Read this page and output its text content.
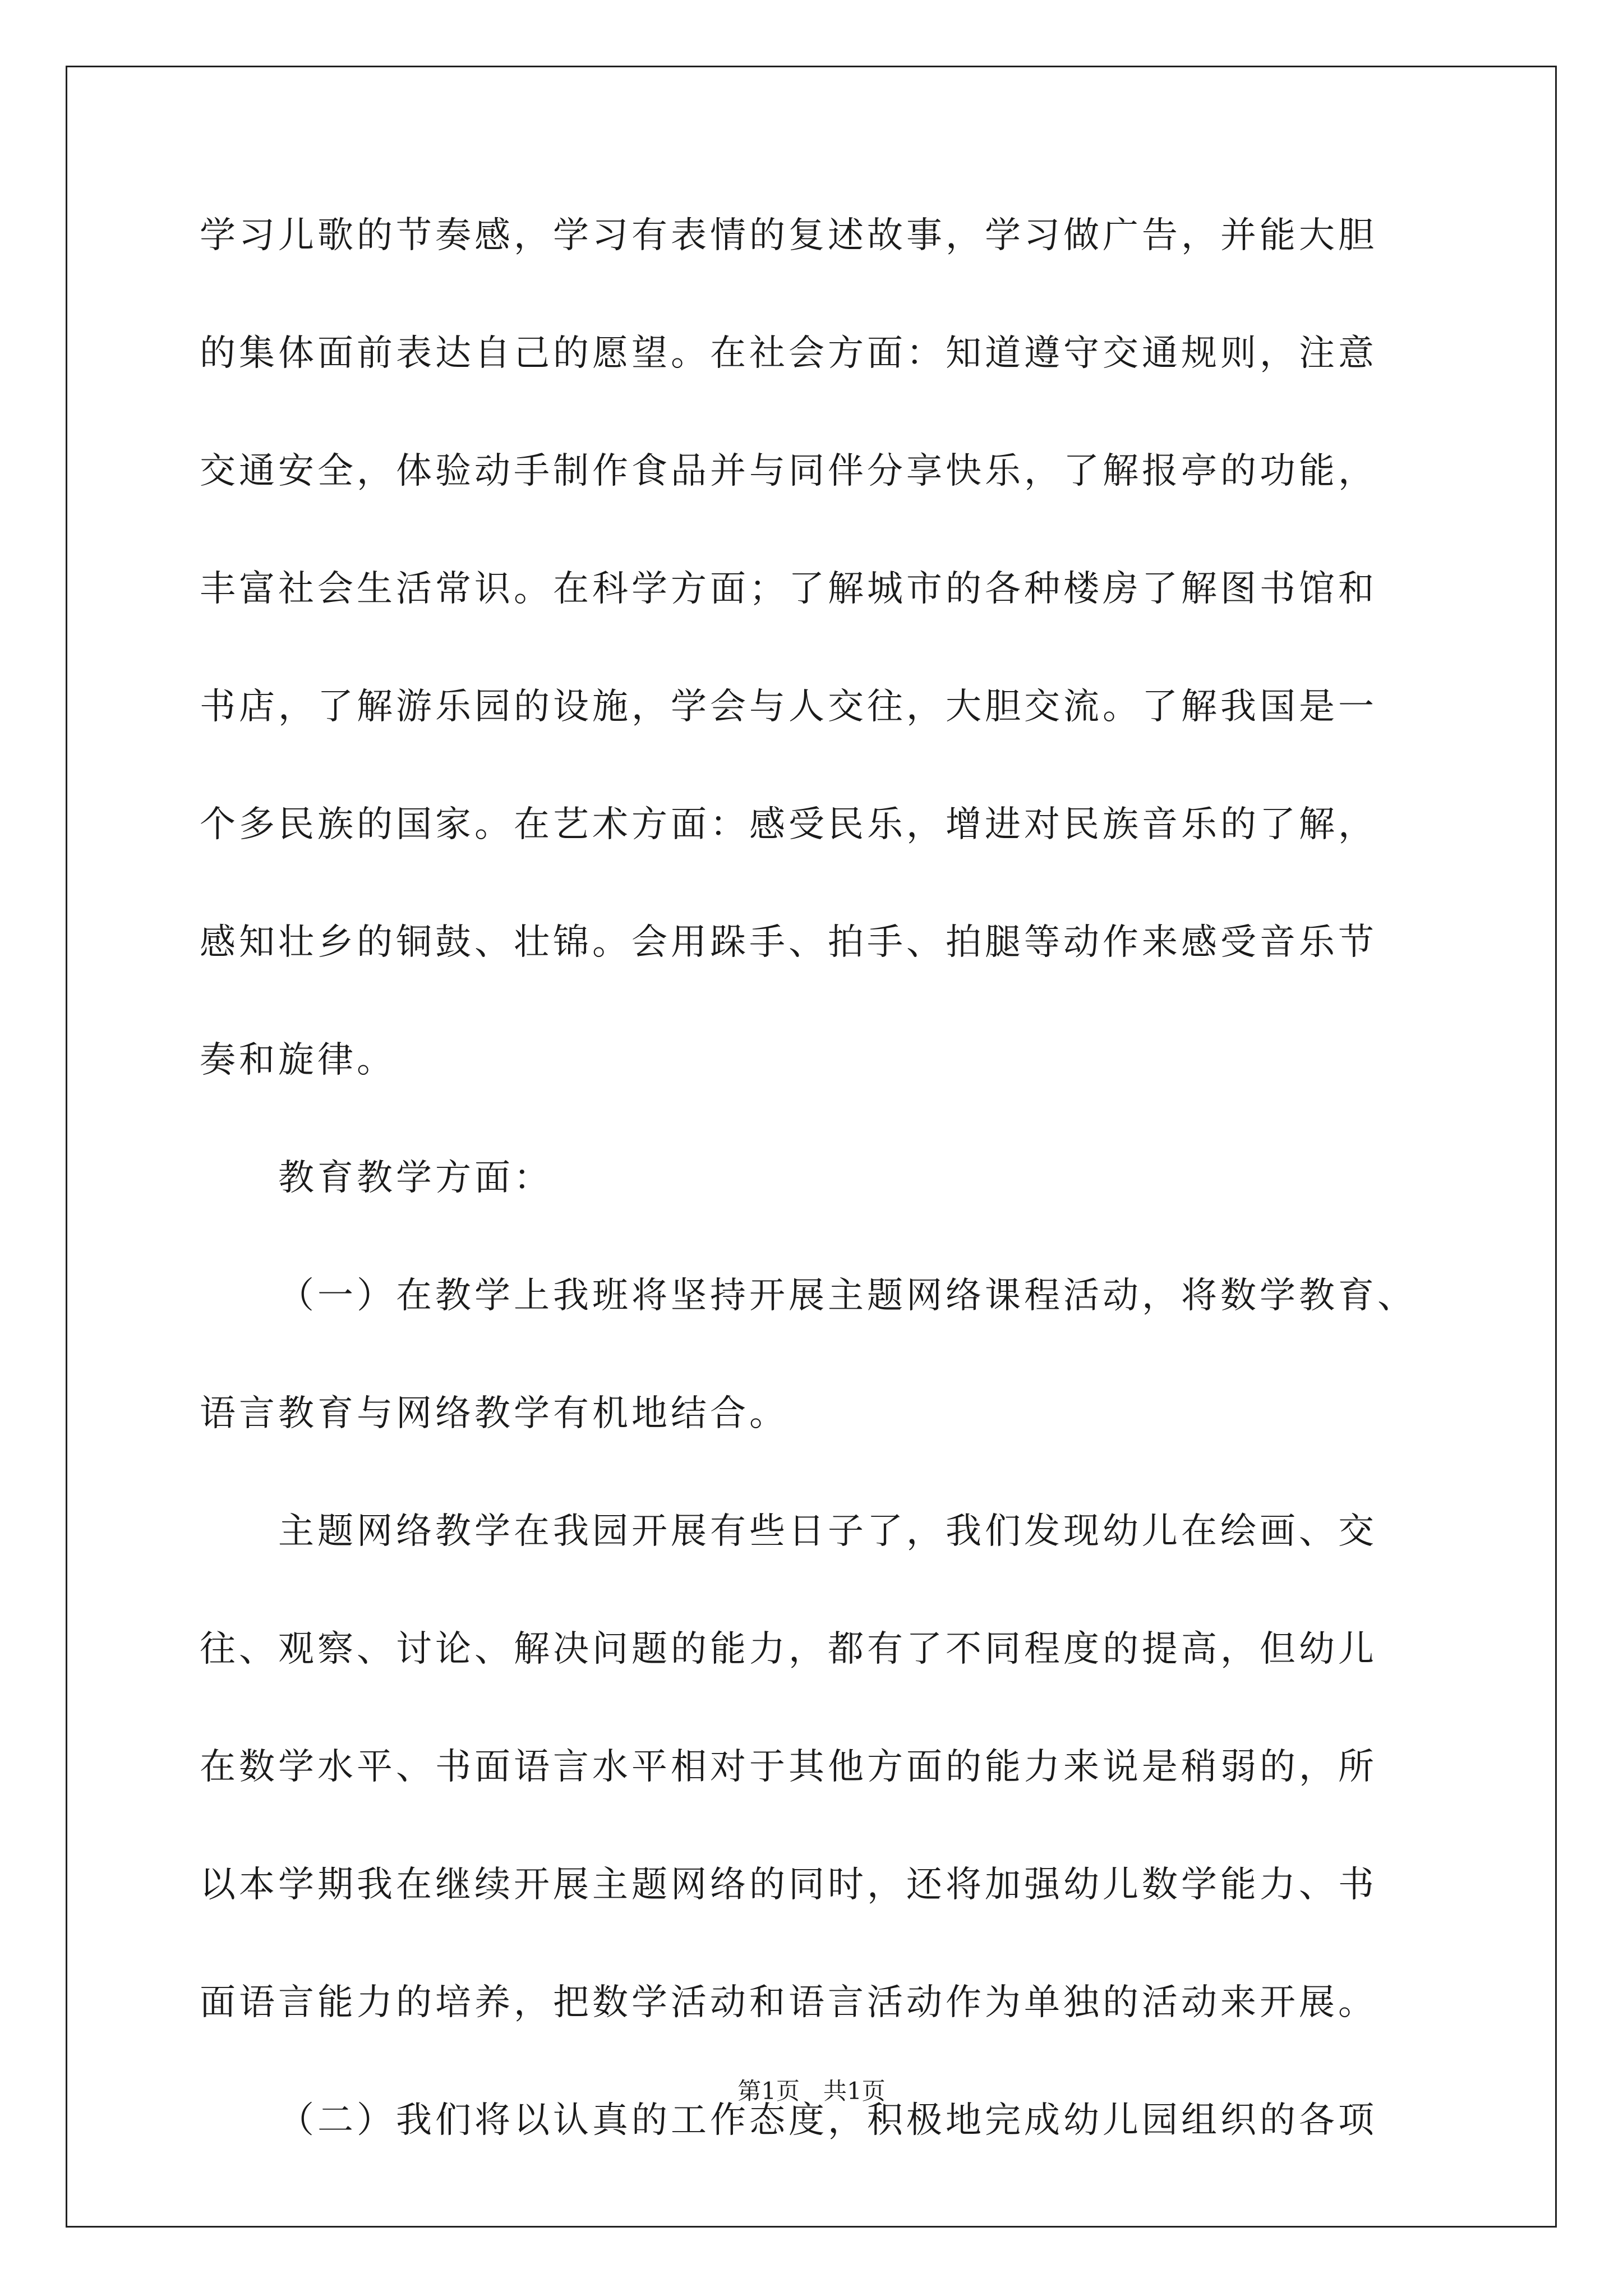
学习儿歌的节奏感，学习有表情的复述故事，学习做广告，并能大胆
的集体面前表达自己的愿望。在社会方面：知道遵守交通规则，注意
交通安全，体验动手制作食品并与同伴分享快乐，了解报亭的功能，
丰富社会生活常识。在科学方面；了解城市的各种楼房了解图书馆和
书店，了解游乐园的设施，学会与人交往，大胆交流。了解我国是一
个多民族的国家。在艺术方面：感受民乐，增进对民族音乐的了解，
感知壮乡的铜鼓、壮锦。会用跺手、拍手、拍腿等动作来感受音乐节
奏和旋律。
教育教学方面：
（一）在教学上我班将坚持开展主题网络课程活动，将数学教育、
语言教育与网络教学有机地结合。
主题网络教学在我园开展有些日子了，我们发现幼儿在绘画、交
往、观察、讨论、解决问题的能力，都有了不同程度的提高，但幼儿
在数学水平、书面语言水平相对于其他方面的能力来说是稍弱的，所
以本学期我在继续开展主题网络的同时，还将加强幼儿数学能力、书
面语言能力的培养，把数学活动和语言活动作为单独的活动来开展。
（二）我们将以认真的工作态度，积极地完成幼儿园组织的各项
第1页　共1页
